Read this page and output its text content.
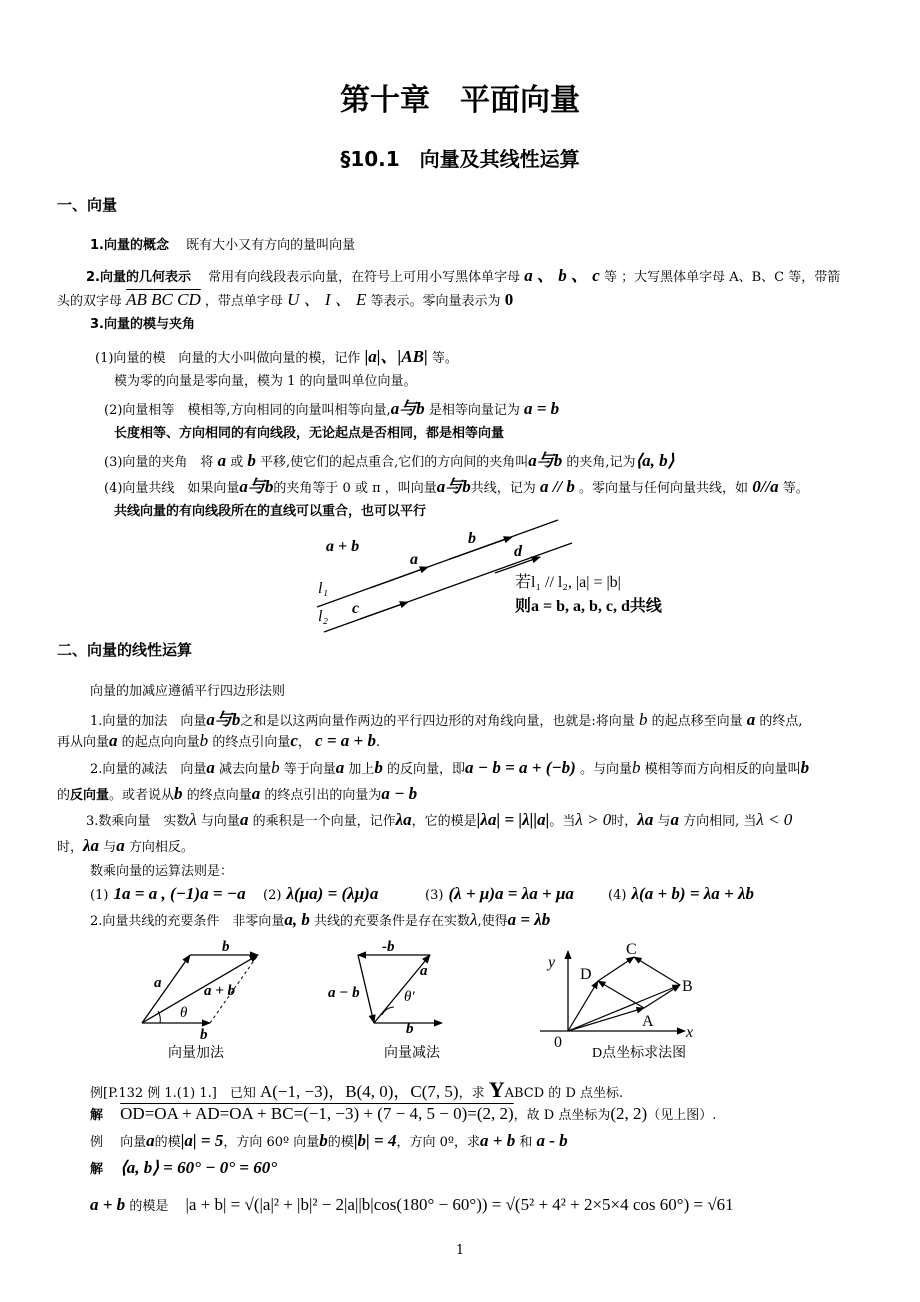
第十章　平面向量
§10.1　向量及其线性运算
一、向量
1.向量的概念　 既有大小又有方向的量叫向量
2.向量的几何表示　 常用有向线段表示向量，在符号上可用小写黑体单字母 a 、 b 、 c 等 ；大写黑体单字母 A、B、C 等，带箭
头的双字母 AB BC CD ，带点单字母 U 、 I 、 E 等表示。零向量表示为 0
3.向量的模与夹角
(1)向量的模　向量的大小叫做向量的模，记作 |a|、|AB| 等。
模为零的向量是零向量，模为 1 的向量叫单位向量。
(2)向量相等　模相等,方向相同的向量叫相等向量,a与b 是相等向量记为 a = b
长度相等、方向相同的有向线段，无论起点是否相同，都是相等向量
(3)向量的夹角　将 a 或 b 平移,使它们的起点重合,它们的方向间的夹角叫a与b 的夹角,记为⟨a, b⟩
(4)向量共线　如果向量a与b的夹角等于 0 或 π ，叫向量a与b共线，记为 a // b 。零向量与任何向量共线，如 0//a 等。
共线向量的有向线段所在的直线可以重合，也可以平行
a + b
a
b
d
c
l₁
l₂
若l₁ // l₂, |a| = |b|
则a = b, a, b, c, d共线
二、向量的线性运算
向量的加减应遵循平行四边形法则
1.向量的加法　向量a与b之和是以这两向量作两边的平行四边形的对角线向量，也就是:将向量 b 的起点移至向量 a 的终点,
再从向量a 的起点向向量b 的终点引向量c， c = a + b.
2.向量的减法　向量a 减去向量b 等于向量a 加上b 的反向量，即a − b = a + (−b) 。与向量b 模相等而方向相反的向量叫b
的反向量。或者说从b 的终点向量a 的终点引出的向量为a − b
3.数乘向量　实数λ 与向量a 的乘积是一个向量，记作λa，它的模是|λa| = |λ||a|。当λ > 0时，λa 与a 方向相同, 当λ < 0
时，λa 与a 方向相反。
数乘向量的运算法则是：
(1) 1a = a , (−1)a = −a (2) λ(μa) = (λμ)a	(3) (λ + μ)a = λa + μa	(4) λ(a + b) = λa + λb
2.向量共线的充要条件　非零向量a, b 共线的充要条件是存在实数λ,使得a = λb
b
a	a + b
θ
b
向量加法
-b
a
a − b	θ′
b
向量减法
C
D
B
A
y
x
0
D点坐标求法图
例[P.132 例 1.(1) 1.]　已知 A(−1, −3)，B(4, 0)，C(7, 5)，求 YABCD 的 D 点坐标.
解　 OD=OA + AD=OA + BC=(−1, −3) + (7 − 4, 5 − 0)=(2, 2)，故 D 点坐标为(2, 2)（见上图）.
例　 向量a的模|a| = 5，方向 60º 向量b的模|b| = 4，方向 0º，求a + b 和 a - b
解　 ⟨a, b⟩ = 60° − 0° = 60°
a + b 的模是　 |a + b| = √(|a|² + |b|² − 2|a||b|cos(180° − 60°)) = √(5² + 4² + 2×5×4 cos 60°) = √61
1
